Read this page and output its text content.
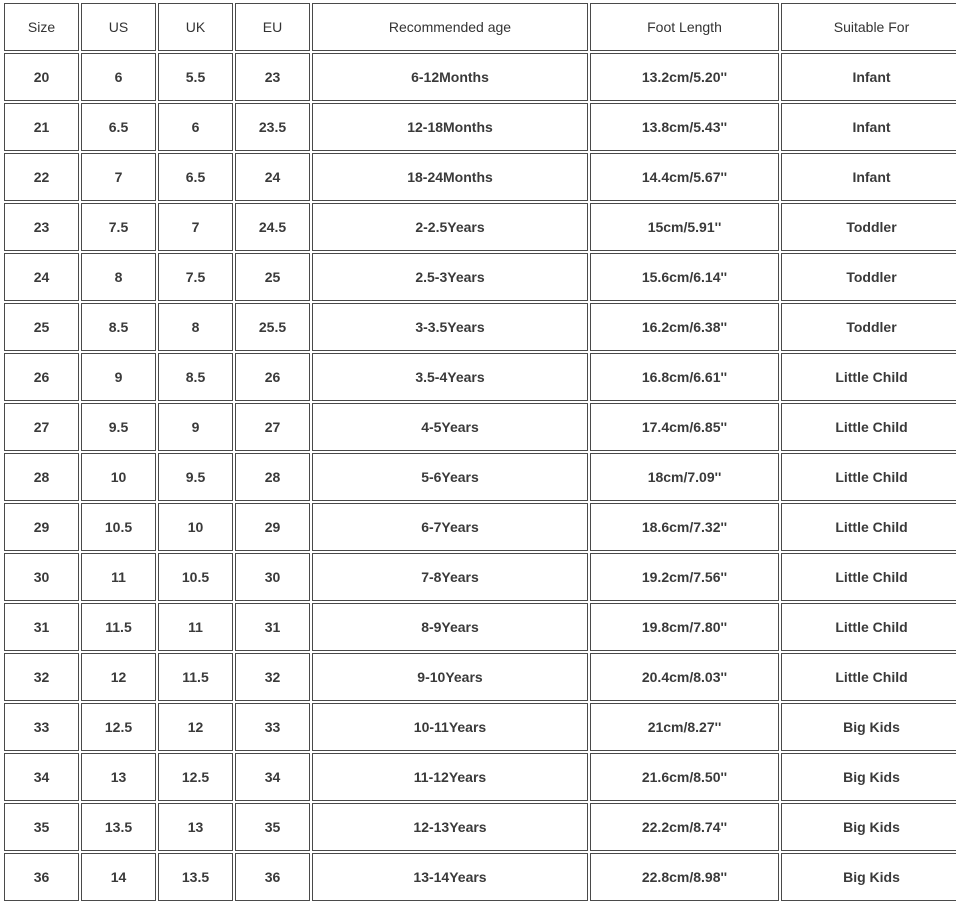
Size	US	UK	EU	Recommended age	Foot Length	Suitable For
20	6	5.5	23	6-12Months	13.2cm/5.20''	Infant
21	6.5	6	23.5	12-18Months	13.8cm/5.43''	Infant
22	7	6.5	24	18-24Months	14.4cm/5.67''	Infant
23	7.5	7	24.5	2-2.5Years	15cm/5.91''	Toddler
24	8	7.5	25	2.5-3Years	15.6cm/6.14''	Toddler
25	8.5	8	25.5	3-3.5Years	16.2cm/6.38''	Toddler
26	9	8.5	26	3.5-4Years	16.8cm/6.61''	Little Child
27	9.5	9	27	4-5Years	17.4cm/6.85''	Little Child
28	10	9.5	28	5-6Years	18cm/7.09''	Little Child
29	10.5	10	29	6-7Years	18.6cm/7.32''	Little Child
30	11	10.5	30	7-8Years	19.2cm/7.56''	Little Child
31	11.5	11	31	8-9Years	19.8cm/7.80''	Little Child
32	12	11.5	32	9-10Years	20.4cm/8.03''	Little Child
33	12.5	12	33	10-11Years	21cm/8.27''	Big Kids
34	13	12.5	34	11-12Years	21.6cm/8.50''	Big Kids
35	13.5	13	35	12-13Years	22.2cm/8.74''	Big Kids
36	14	13.5	36	13-14Years	22.8cm/8.98''	Big Kids
